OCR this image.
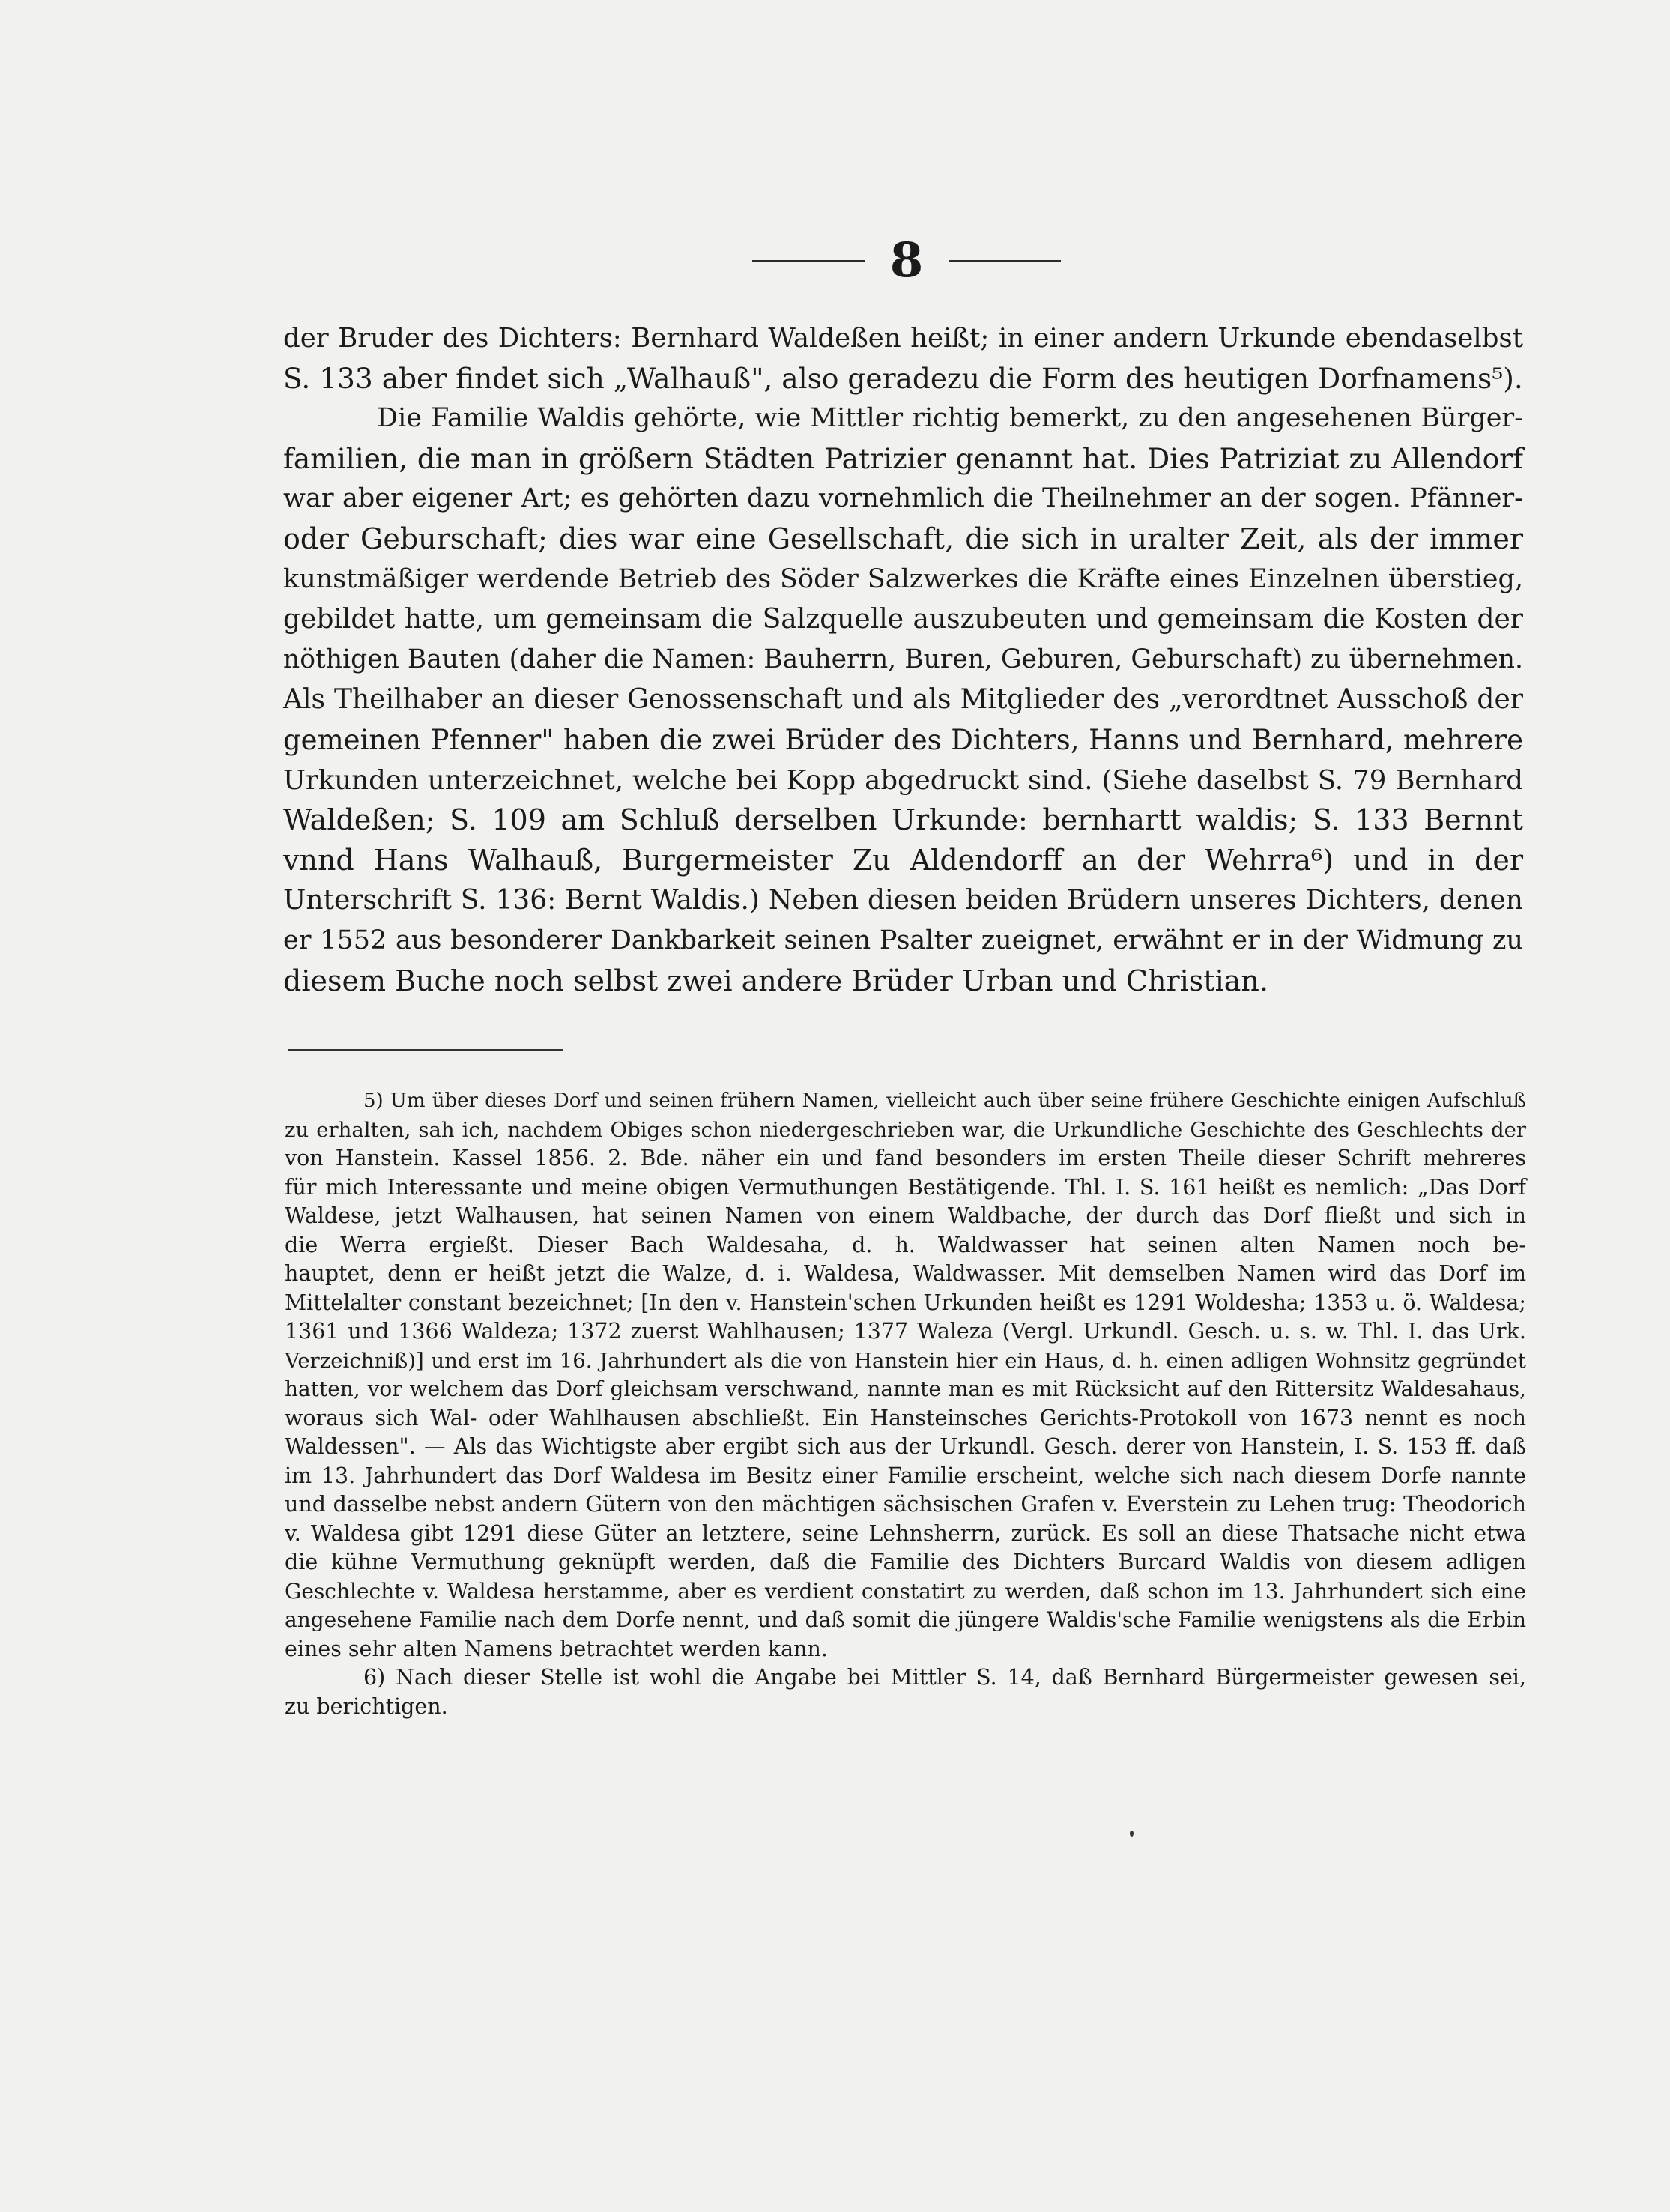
8
der Bruder des Dichters: Bernhard Waldeßen heißt; in einer andern Urkunde ebendaselbst
S. 133 aber findet sich „Walhauß", also geradezu die Form des heutigen Dorfnamens⁵).
Die Familie Waldis gehörte, wie Mittler richtig bemerkt, zu den angesehenen Bürger-
familien, die man in größern Städten Patrizier genannt hat. Dies Patriziat zu Allendorf
war aber eigener Art; es gehörten dazu vornehmlich die Theilnehmer an der sogen. Pfänner-
oder Geburschaft; dies war eine Gesellschaft, die sich in uralter Zeit, als der immer
kunstmäßiger werdende Betrieb des Söder Salzwerkes die Kräfte eines Einzelnen überstieg,
gebildet hatte, um gemeinsam die Salzquelle auszubeuten und gemeinsam die Kosten der
nöthigen Bauten (daher die Namen: Bauherrn, Buren, Geburen, Geburschaft) zu übernehmen.
Als Theilhaber an dieser Genossenschaft und als Mitglieder des „verordtnet Ausschoß der
gemeinen Pfenner" haben die zwei Brüder des Dichters, Hanns und Bernhard, mehrere
Urkunden unterzeichnet, welche bei Kopp abgedruckt sind. (Siehe daselbst S. 79 Bernhard
Waldeßen; S. 109 am Schluß derselben Urkunde: bernhartt waldis; S. 133 Bernnt
vnnd Hans Walhauß, Burgermeister Zu Aldendorff an der Wehrra⁶) und in der
Unterschrift S. 136: Bernt Waldis.) Neben diesen beiden Brüdern unseres Dichters, denen
er 1552 aus besonderer Dankbarkeit seinen Psalter zueignet, erwähnt er in der Widmung zu
diesem Buche noch selbst zwei andere Brüder Urban und Christian.
5) Um über dieses Dorf und seinen frühern Namen, vielleicht auch über seine frühere Geschichte einigen Aufschluß
zu erhalten, sah ich, nachdem Obiges schon niedergeschrieben war, die Urkundliche Geschichte des Geschlechts der
von Hanstein. Kassel 1856. 2. Bde. näher ein und fand besonders im ersten Theile dieser Schrift mehreres
für mich Interessante und meine obigen Vermuthungen Bestätigende. Thl. I. S. 161 heißt es nemlich: „Das Dorf
Waldese, jetzt Walhausen, hat seinen Namen von einem Waldbache, der durch das Dorf fließt und sich in
die Werra ergießt. Dieser Bach Waldesaha, d. h. Waldwasser hat seinen alten Namen noch be-
hauptet, denn er heißt jetzt die Walze, d. i. Waldesa, Waldwasser. Mit demselben Namen wird das Dorf im
Mittelalter constant bezeichnet; [In den v. Hanstein'schen Urkunden heißt es 1291 Woldesha; 1353 u. ö. Waldesa;
1361 und 1366 Waldeza; 1372 zuerst Wahlhausen; 1377 Waleza (Vergl. Urkundl. Gesch. u. s. w. Thl. I. das Urk.
Verzeichniß)] und erst im 16. Jahrhundert als die von Hanstein hier ein Haus, d. h. einen adligen Wohnsitz gegründet
hatten, vor welchem das Dorf gleichsam verschwand, nannte man es mit Rücksicht auf den Rittersitz Waldesahaus,
woraus sich Wal- oder Wahlhausen abschließt. Ein Hansteinsches Gerichts-Protokoll von 1673 nennt es noch
Waldessen". — Als das Wichtigste aber ergibt sich aus der Urkundl. Gesch. derer von Hanstein, I. S. 153 ff. daß
im 13. Jahrhundert das Dorf Waldesa im Besitz einer Familie erscheint, welche sich nach diesem Dorfe nannte
und dasselbe nebst andern Gütern von den mächtigen sächsischen Grafen v. Everstein zu Lehen trug: Theodorich
v. Waldesa gibt 1291 diese Güter an letztere, seine Lehnsherrn, zurück. Es soll an diese Thatsache nicht etwa
die kühne Vermuthung geknüpft werden, daß die Familie des Dichters Burcard Waldis von diesem adligen
Geschlechte v. Waldesa herstamme, aber es verdient constatirt zu werden, daß schon im 13. Jahrhundert sich eine
angesehene Familie nach dem Dorfe nennt, und daß somit die jüngere Waldis'sche Familie wenigstens als die Erbin
eines sehr alten Namens betrachtet werden kann.
6) Nach dieser Stelle ist wohl die Angabe bei Mittler S. 14, daß Bernhard Bürgermeister gewesen sei,
zu berichtigen.
